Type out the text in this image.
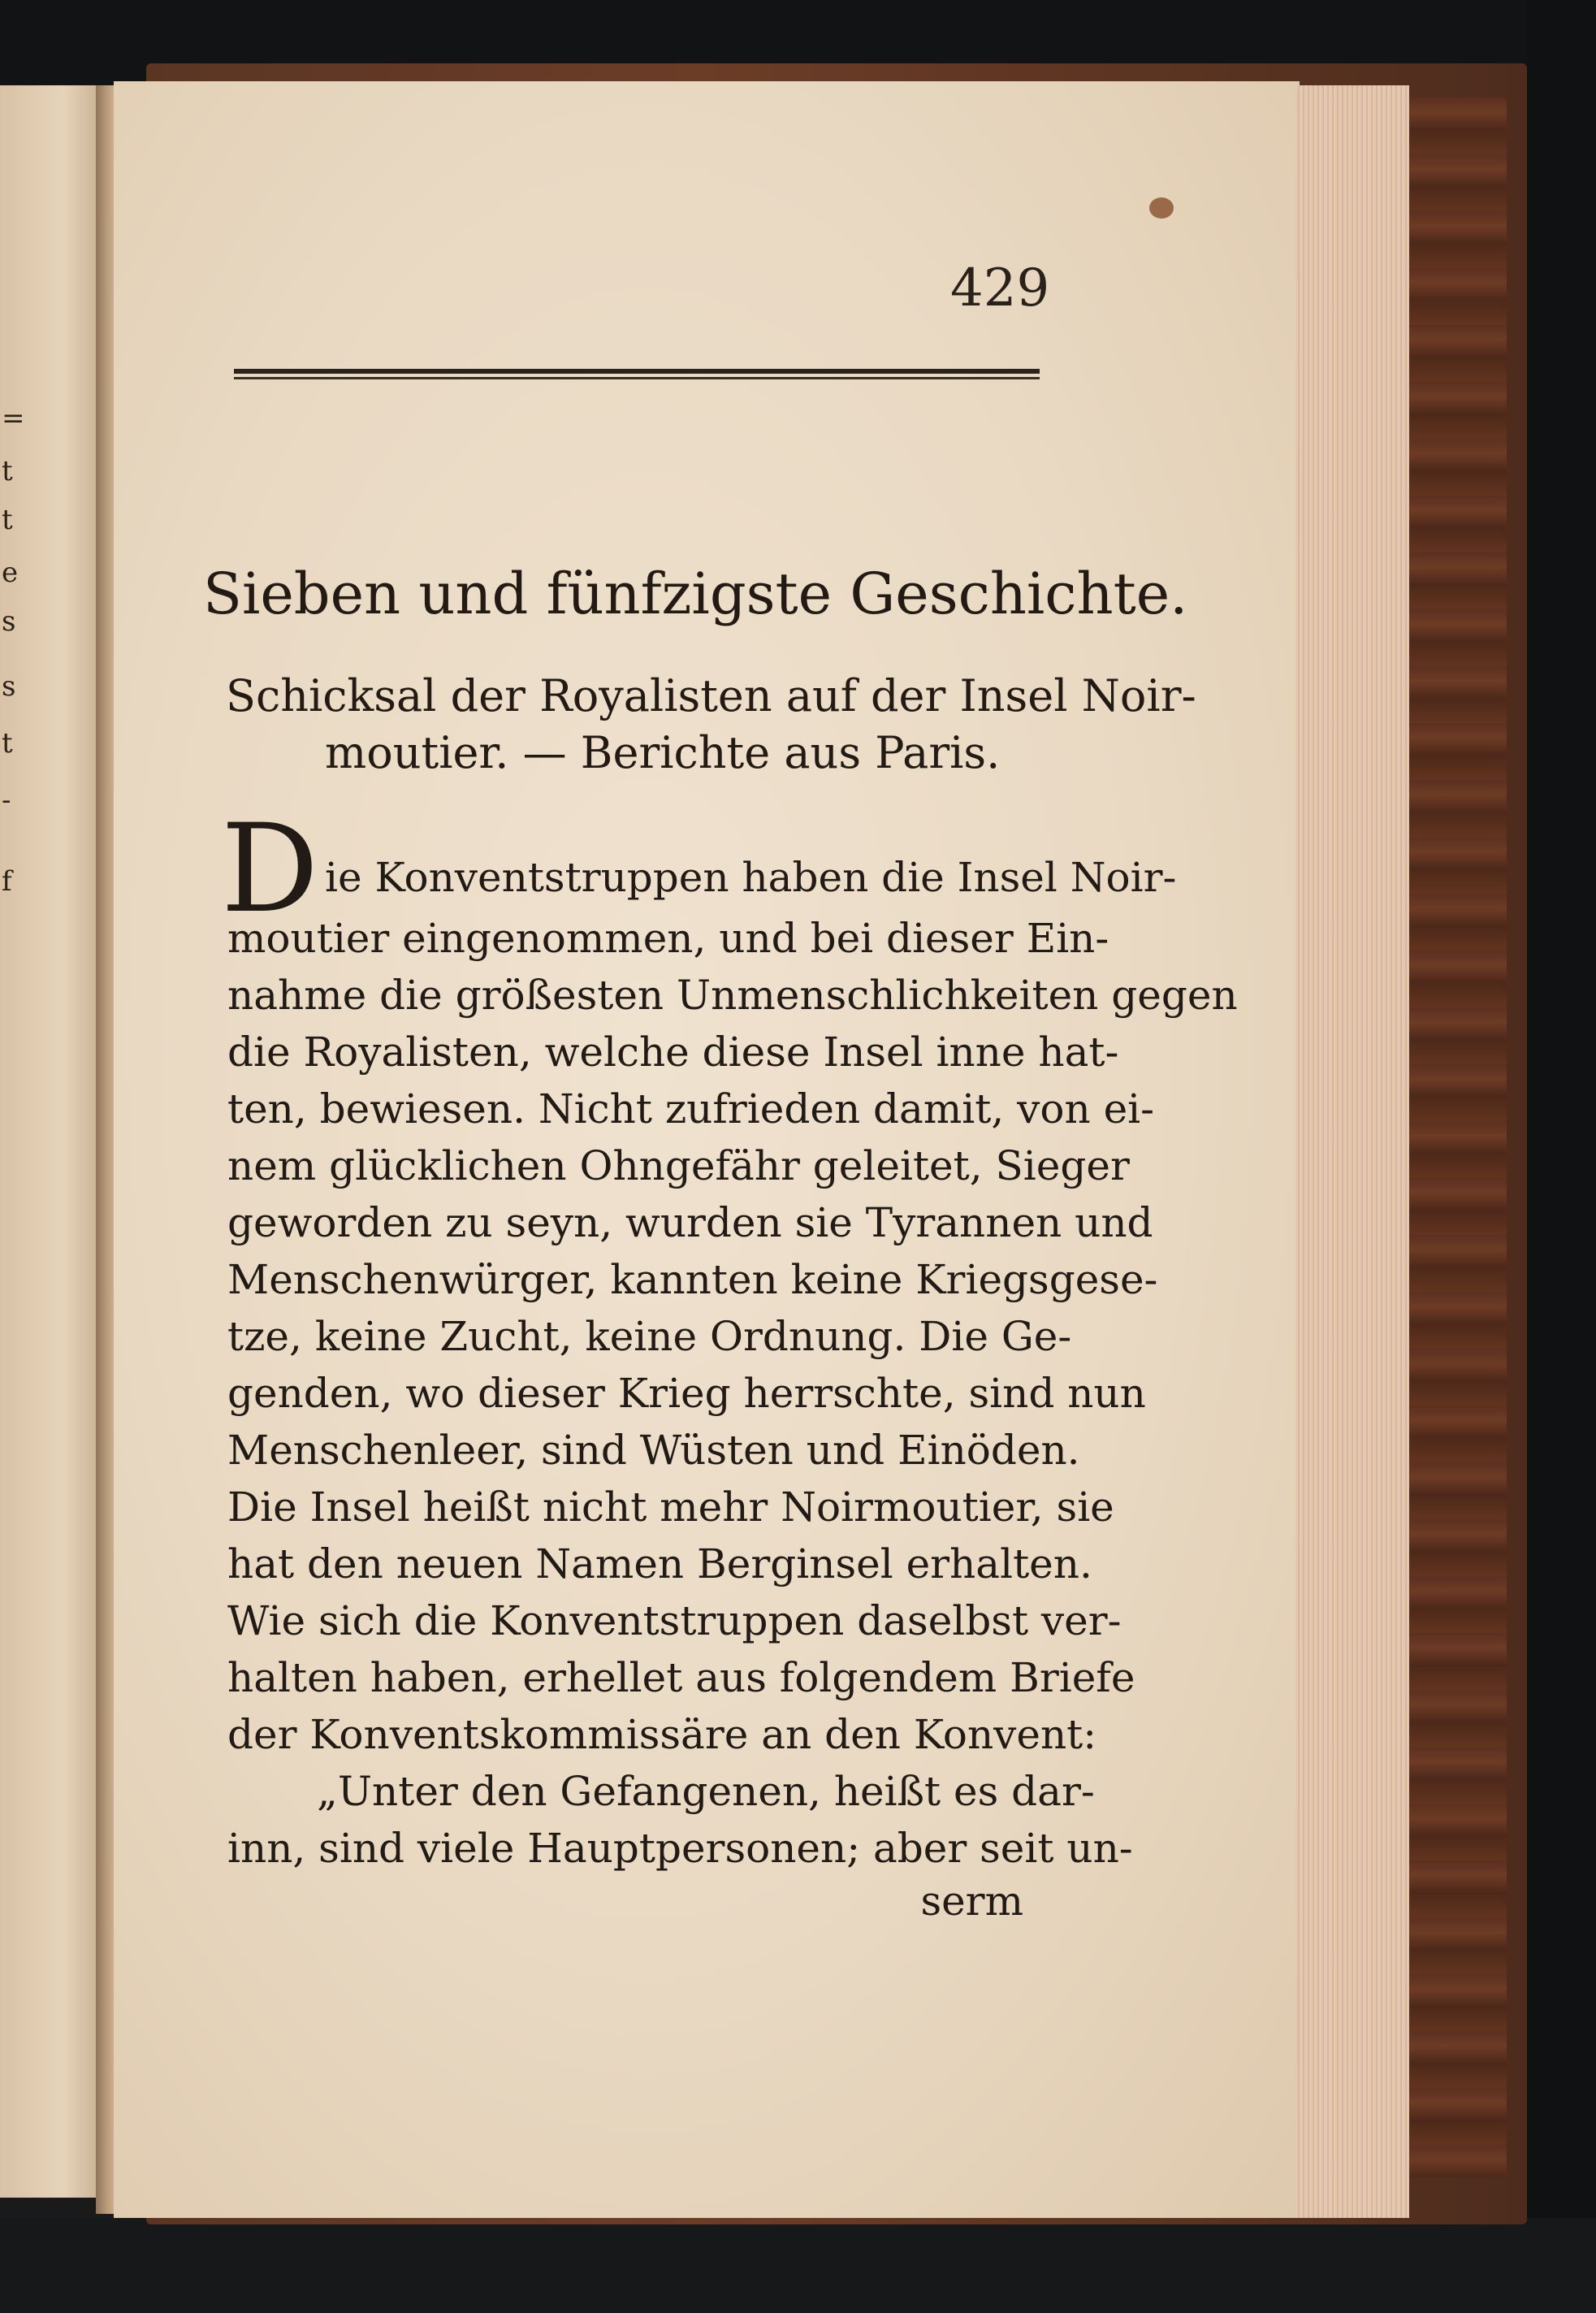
=
t
t
e
s
s
t
-
f
429
Sieben und fünfzigste Geschichte.
Schicksal der Royalisten auf der Insel Noir-
moutier. — Berichte aus Paris.
D ie Konventstruppen haben die Insel Noir-
moutier eingenommen, und bei dieser Ein-
nahme die größesten Unmenschlichkeiten gegen
die Royalisten, welche diese Insel inne hat-
ten, bewiesen. Nicht zufrieden damit, von ei-
nem glücklichen Ohngefähr geleitet, Sieger
geworden zu seyn, wurden sie Tyrannen und
Menschenwürger, kannten keine Kriegsgese-
tze, keine Zucht, keine Ordnung. Die Ge-
genden, wo dieser Krieg herrschte, sind nun
Menschenleer, sind Wüsten und Einöden.
Die Insel heißt nicht mehr Noirmoutier, sie
hat den neuen Namen Berginsel erhalten.
Wie sich die Konventstruppen daselbst ver-
halten haben, erhellet aus folgendem Briefe
der Konventskommissäre an den Konvent:
„Unter den Gefangenen, heißt es dar-
inn, sind viele Hauptpersonen; aber seit un-
serm
